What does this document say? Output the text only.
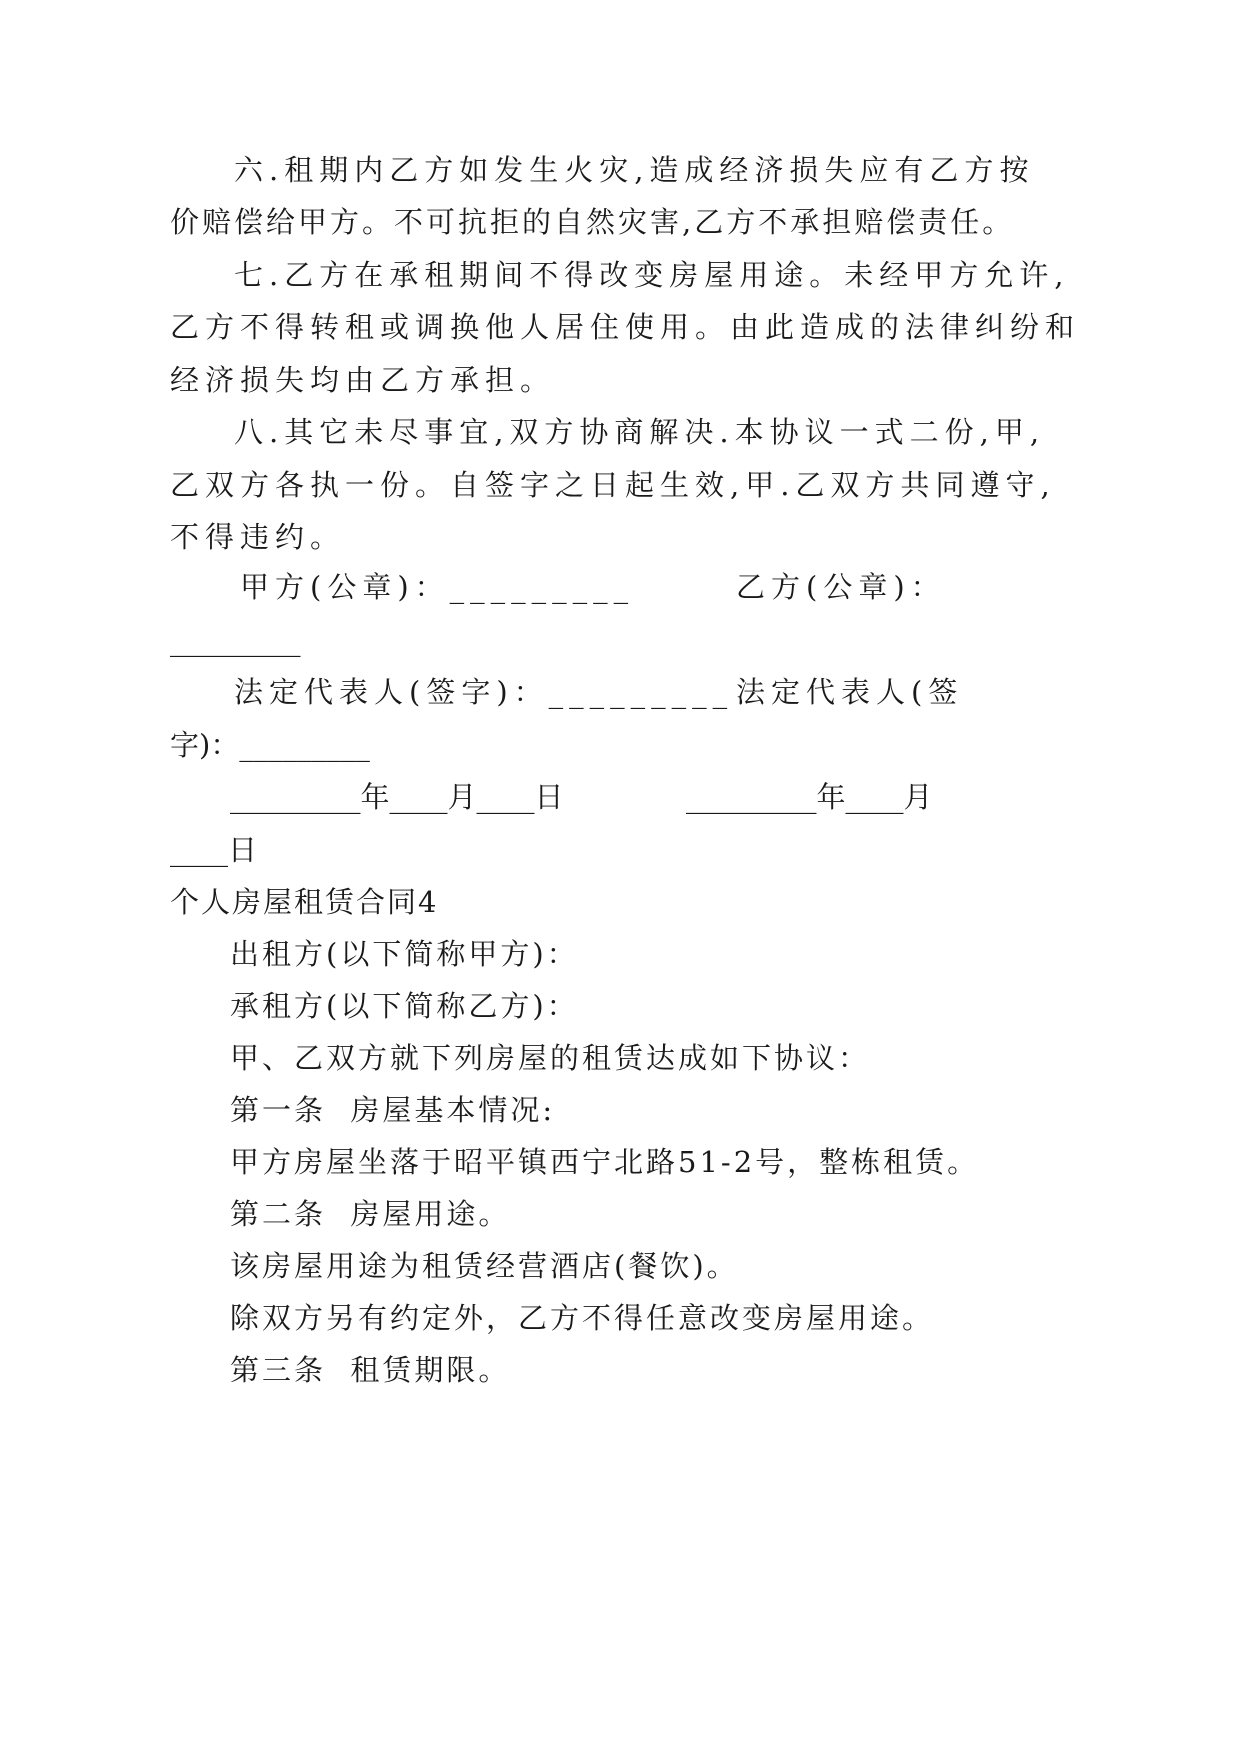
六.租期内乙方如发生火灾,造成经济损失应有乙方按

价赔偿给甲方。不可抗拒的自然灾害,乙方不承担赔偿责任。

七.乙方在承租期间不得改变房屋用途。未经甲方允许,

乙方不得转租或调换他人居住使用。由此造成的法律纠纷和

经济损失均由乙方承担。

八.其它未尽事宜,双方协商解决.本协议一式二份,甲,

乙双方各执一份。自签字之日起生效,甲.乙双方共同遵守,

不得违约。

甲方(公章)：_________	乙方(公章)：

_________

法定代表人(签字)：_________ 法定代表人(签

字)：_________

_________年____月____日	_________年____月

____日

个人房屋租赁合同4

出租方(以下简称甲方)：

承租方(以下简称乙方)：

甲、乙双方就下列房屋的租赁达成如下协议：

第一条  房屋基本情况:

甲方房屋坐落于昭平镇西宁北路51-2号，整栋租赁。

第二条  房屋用途。

该房屋用途为租赁经营酒店(餐饮)。

除双方另有约定外，乙方不得任意改变房屋用途。

第三条  租赁期限。
